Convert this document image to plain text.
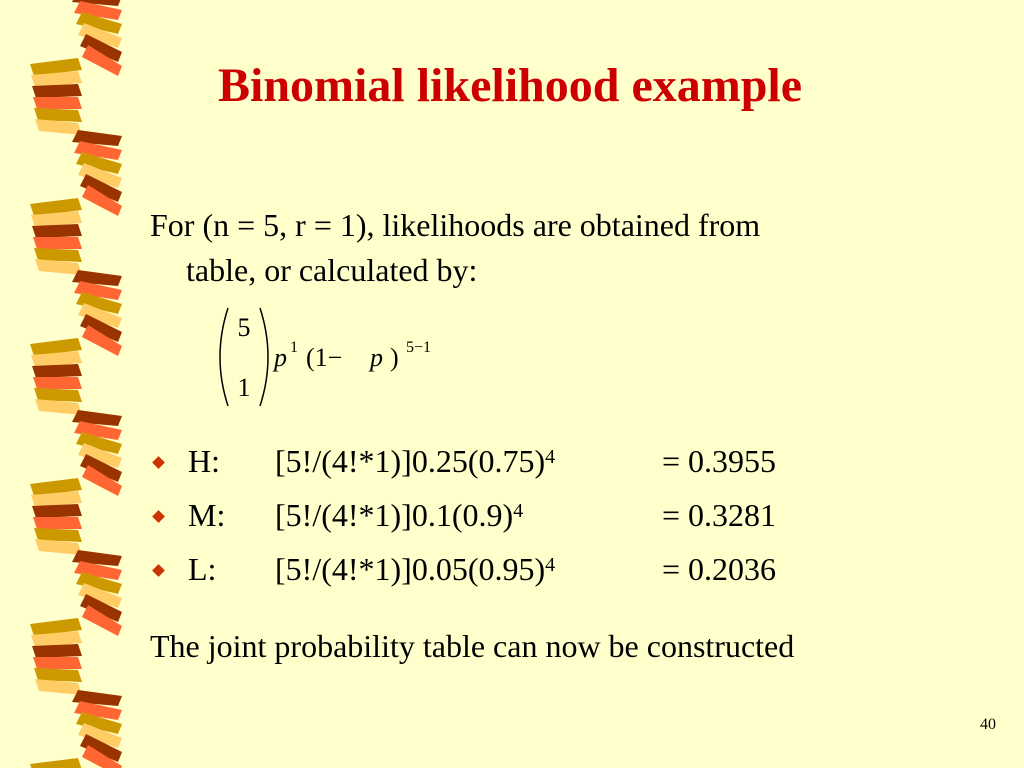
Binomial likelihood example
For (n = 5, r = 1), likelihoods are obtained from
table, or calculated by:
5
1
p 1 (1− p ) 5−1
H: $[5!/(4!*1)]0.25(0.75)^4$	= 0.3955
M: $[5!/(4!*1)]0.1(0.9)^4$	= 0.3281
L: $[5!/(4!*1)]0.05(0.95)^4$	= 0.2036
The joint probability table can now be constructed
40
